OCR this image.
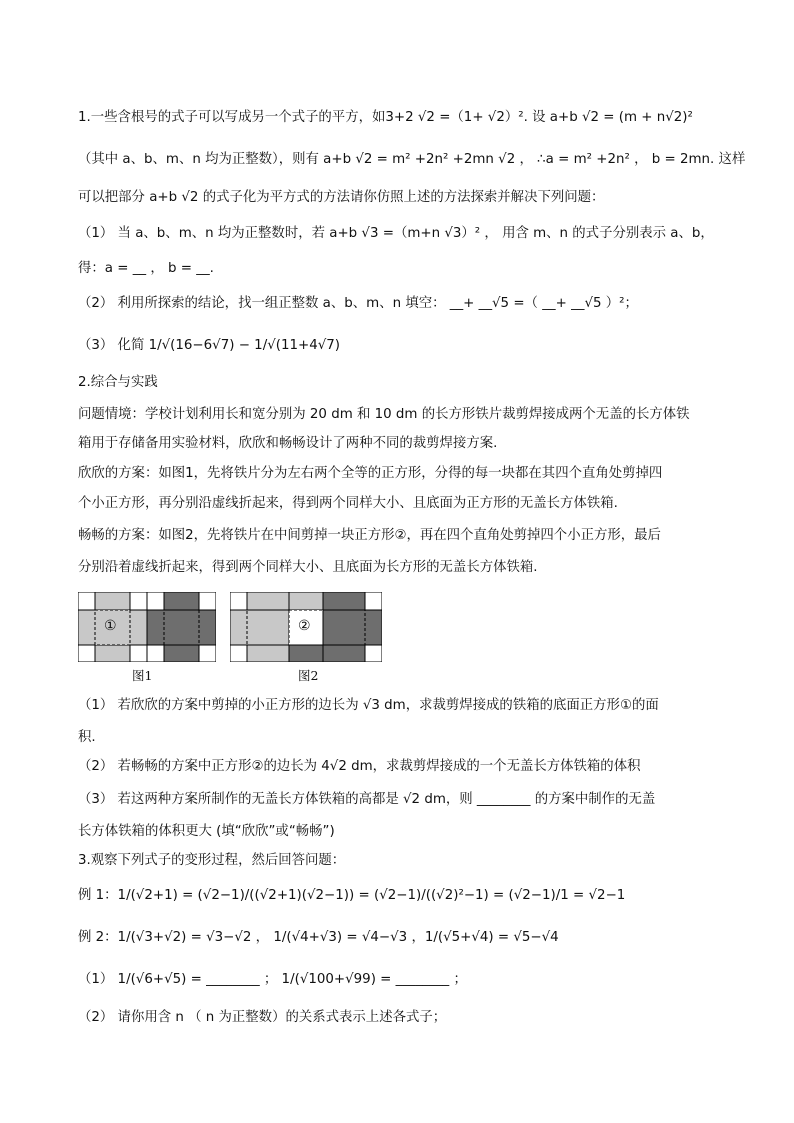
1.一些含根号的式子可以写成另一个式子的平方，如3+2 √2 =（1+ √2）². 设 a+b √2 = (m + n√2)²
（其中 a、b、m、n 均为正整数），则有 a+b √2 = m² +2n² +2mn √2 ， ∴a = m² +2n² ， b = 2mn. 这样
可以把部分 a+b √2 的式子化为平方式的方法请你仿照上述的方法探索并解决下列问题：
（1） 当 a、b、m、n 均为正整数时，若 a+b √3 =（m+n √3）² ， 用含 m、n 的式子分别表示 a、b，
得：a = __ ， b = __.
（2） 利用所探索的结论，找一组正整数 a、b、m、n 填空： __+ __√5 =（ __+ __√5 ）²；
（3） 化简 1/√(16−6√7) − 1/√(11+4√7)
2.综合与实践
问题情境：学校计划利用长和宽分别为 20 dm 和 10 dm 的长方形铁片裁剪焊接成两个无盖的长方体铁
箱用于存储备用实验材料，欣欣和畅畅设计了两种不同的裁剪焊接方案.
欣欣的方案：如图1，先将铁片分为左右两个全等的正方形，分得的每一块都在其四个直角处剪掉四
个小正方形，再分别沿虚线折起来，得到两个同样大小、且底面为正方形的无盖长方体铁箱.
畅畅的方案：如图2，先将铁片在中间剪掉一块正方形②，再在四个直角处剪掉四个小正方形，最后
分别沿着虚线折起来，得到两个同样大小、且底面为长方形的无盖长方体铁箱.
①
图1
②
图2
（1） 若欣欣的方案中剪掉的小正方形的边长为 √3 dm，求裁剪焊接成的铁箱的底面正方形①的面
积.
（2） 若畅畅的方案中正方形②的边长为 4√2 dm，求裁剪焊接成的一个无盖长方体铁箱的体积
（3） 若这两种方案所制作的无盖长方体铁箱的高都是 √2 dm，则 ________ 的方案中制作的无盖
长方体铁箱的体积更大 (填“欣欣”或“畅畅”)
3.观察下列式子的变形过程，然后回答问题：
例 1：1/(√2+1) = (√2−1)/((√2+1)(√2−1)) = (√2−1)/((√2)²−1) = (√2−1)/1 = √2−1
例 2：1/(√3+√2) = √3−√2 ， 1/(√4+√3) = √4−√3 ，1/(√5+√4) = √5−√4
（1） 1/(√6+√5) = ________ ； 1/(√100+√99) = ________ ；
（2） 请你用含 n （ n 为正整数）的关系式表示上述各式子；
